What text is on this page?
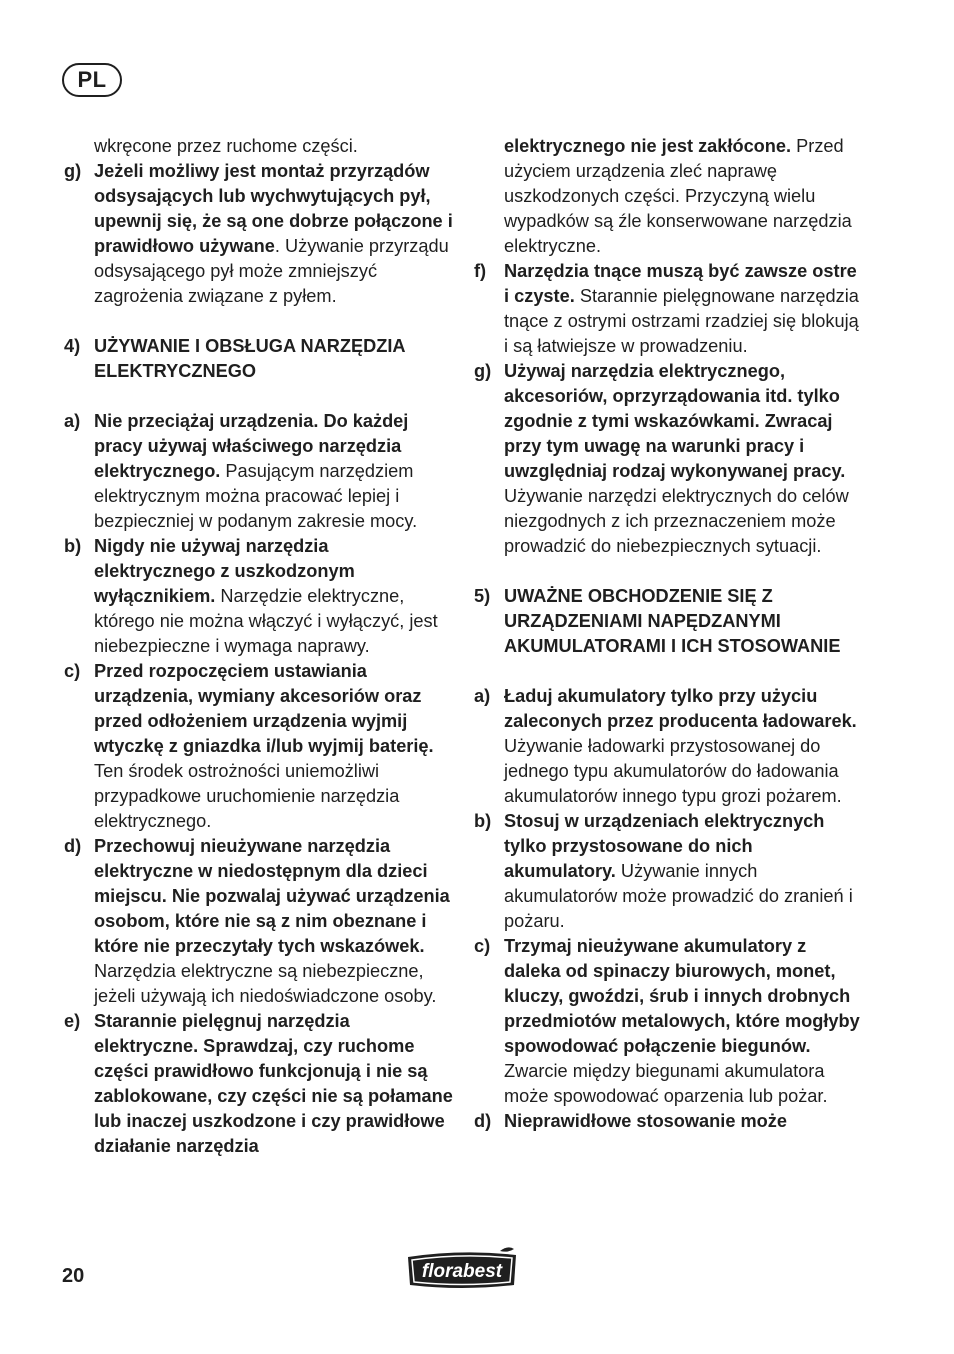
PL
wkręcone przez ruchome części.
g) Jeżeli możliwy jest montaż przyrządów odsysających lub wychwytujących pył, upewnij się, że są one dobrze połączone i prawidłowo używane. Używanie przyrządu odsysającego pył może zmniejszyć zagrożenia związane z pyłem.
4) UŻYWANIE I OBSŁUGA NARZĘDZIA ELEKTRYCZNEGO
a) Nie przeciążaj urządzenia. Do każdej pracy używaj właściwego narzędzia elektrycznego. Pasującym narzędziem elektrycznym można pracować lepiej i bezpieczniej w podanym zakresie mocy.
b) Nigdy nie używaj narzędzia elektrycznego z uszkodzonym wyłącznikiem. Narzędzie elektryczne, którego nie można włączyć i wyłączyć, jest niebezpieczne i wymaga naprawy.
c) Przed rozpoczęciem ustawiania urządzenia, wymiany akcesoriów oraz przed odłożeniem urządzenia wyjmij wtyczkę z gniazdka i/lub wyjmij baterię. Ten środek ostrożności uniemożliwi przypadkowe uruchomienie narzędzia elektrycznego.
d) Przechowuj nieużywane narzędzia elektryczne w niedostępnym dla dzieci miejscu. Nie pozwalaj używać urządzenia osobom, które nie są z nim obeznane i które nie przeczytały tych wskazówek. Narzędzia elektryczne są niebezpieczne, jeżeli używają ich niedoświadczone osoby.
e) Starannie pielęgnuj narzędzia elektryczne. Sprawdzaj, czy ruchome części prawidłowo funkcjonują i nie są zablokowane, czy części nie są połamane lub inaczej uszkodzone i czy prawidłowe działanie narzędzia
elektrycznego nie jest zakłócone. Przed użyciem urządzenia zleć naprawę uszkodzonych części. Przyczyną wielu wypadków są źle konserwowane narzędzia elektryczne.
f) Narzędzia tnące muszą być zawsze ostre i czyste. Starannie pielęgnowane narzędzia tnące z ostrymi ostrzami rzadziej się blokują i są łatwiejsze w prowadzeniu.
g) Używaj narzędzia elektrycznego, akcesoriów, oprzyrządowania itd. tylko zgodnie z tymi wskazówkami. Zwracaj przy tym uwagę na warunki pracy i uwzględniaj rodzaj wykonywanej pracy. Używanie narzędzi elektrycznych do celów niezgodnych z ich przeznaczeniem może prowadzić do niebezpiecznych sytuacji.
5) UWAŻNE OBCHODZENIE SIĘ Z URZĄDZENIAMI NAPĘDZANYMI AKUMULATORAMI I ICH STOSOWANIE
a) Ładuj akumulatory tylko przy użyciu zaleconych przez producenta ładowarek. Używanie ładowarki przystosowanej do jednego typu akumulatorów do ładowania akumulatorów innego typu grozi pożarem.
b) Stosuj w urządzeniach elektrycznych tylko przystosowane do nich akumulatory. Używanie innych akumulatorów może prowadzić do zranień i pożaru.
c) Trzymaj nieużywane akumulatory z daleka od spinaczy biurowych, monet, kluczy, gwoździ, śrub i innych drobnych przedmiotów metalowych, które mogłyby spowodować połączenie biegunów. Zwarcie między biegunami akumulatora może spowodować oparzenia lub pożar.
d) Nieprawidłowe stosowanie może
20	florabest
